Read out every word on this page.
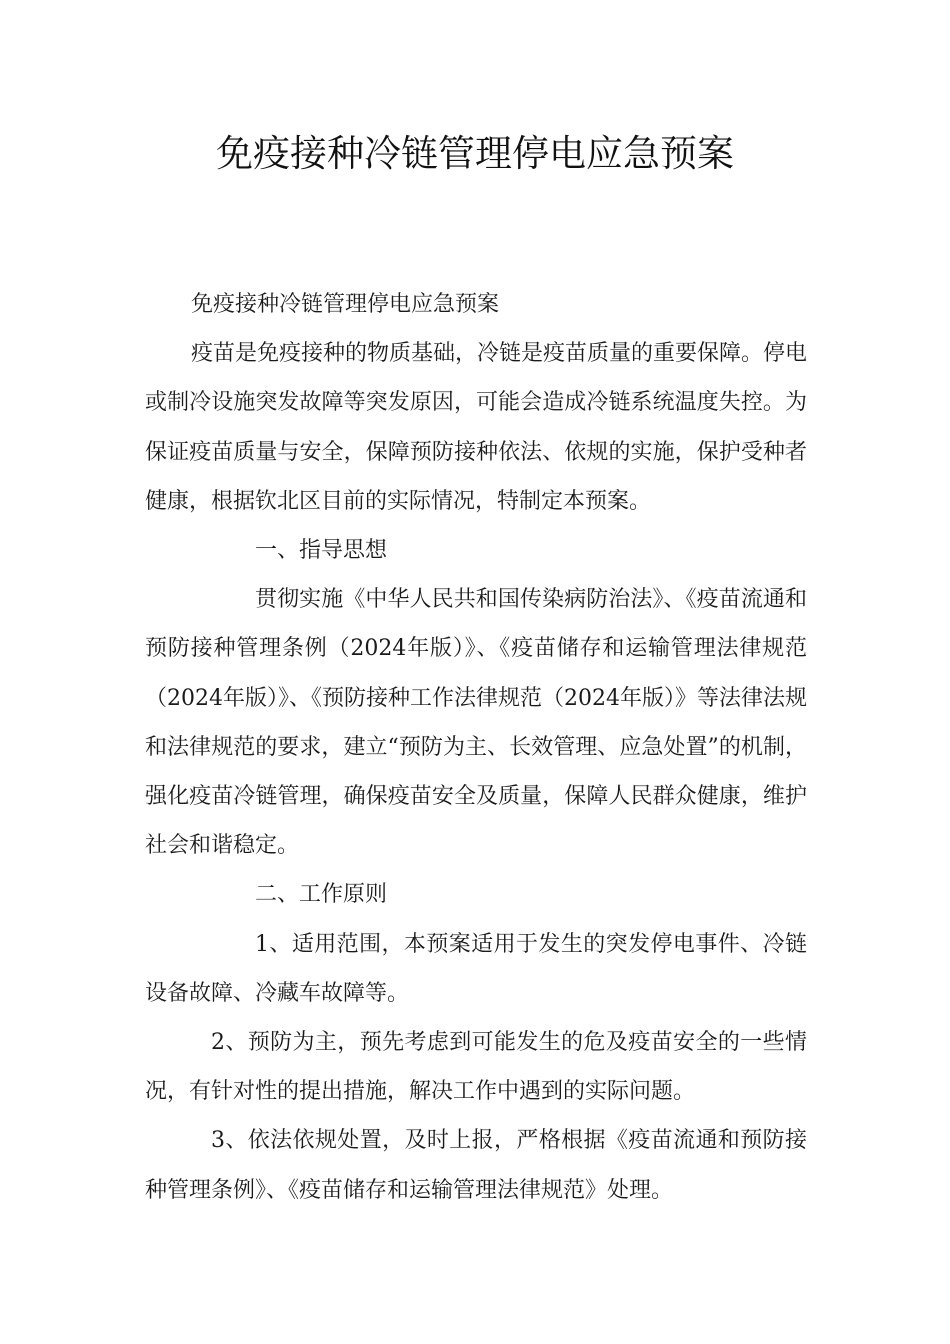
免疫接种冷链管理停电应急预案

免疫接种冷链管理停电应急预案

疫苗是免疫接种的物质基础，冷链是疫苗质量的重要保障。停电或制冷设施突发故障等突发原因，可能会造成冷链系统温度失控。为保证疫苗质量与安全，保障预防接种依法、依规的实施，保护受种者健康，根据钦北区目前的实际情况，特制定本预案。

一、指导思想

贯彻实施《中华人民共和国传染病防治法》、《疫苗流通和预防接种管理条例（2024年版）》、《疫苗储存和运输管理法律规范（2024年版）》、《预防接种工作法律规范（2024年版）》等法律法规和法律规范的要求，建立“预防为主、长效管理、应急处置”的机制，强化疫苗冷链管理，确保疫苗安全及质量，保障人民群众健康，维护社会和谐稳定。

二、工作原则

1、适用范围，本预案适用于发生的突发停电事件、冷链设备故障、冷藏车故障等。

2、预防为主，预先考虑到可能发生的危及疫苗安全的一些情况，有针对性的提出措施，解决工作中遇到的实际问题。

3、依法依规处置，及时上报，严格根据《疫苗流通和预防接种管理条例》、《疫苗储存和运输管理法律规范》处理。
